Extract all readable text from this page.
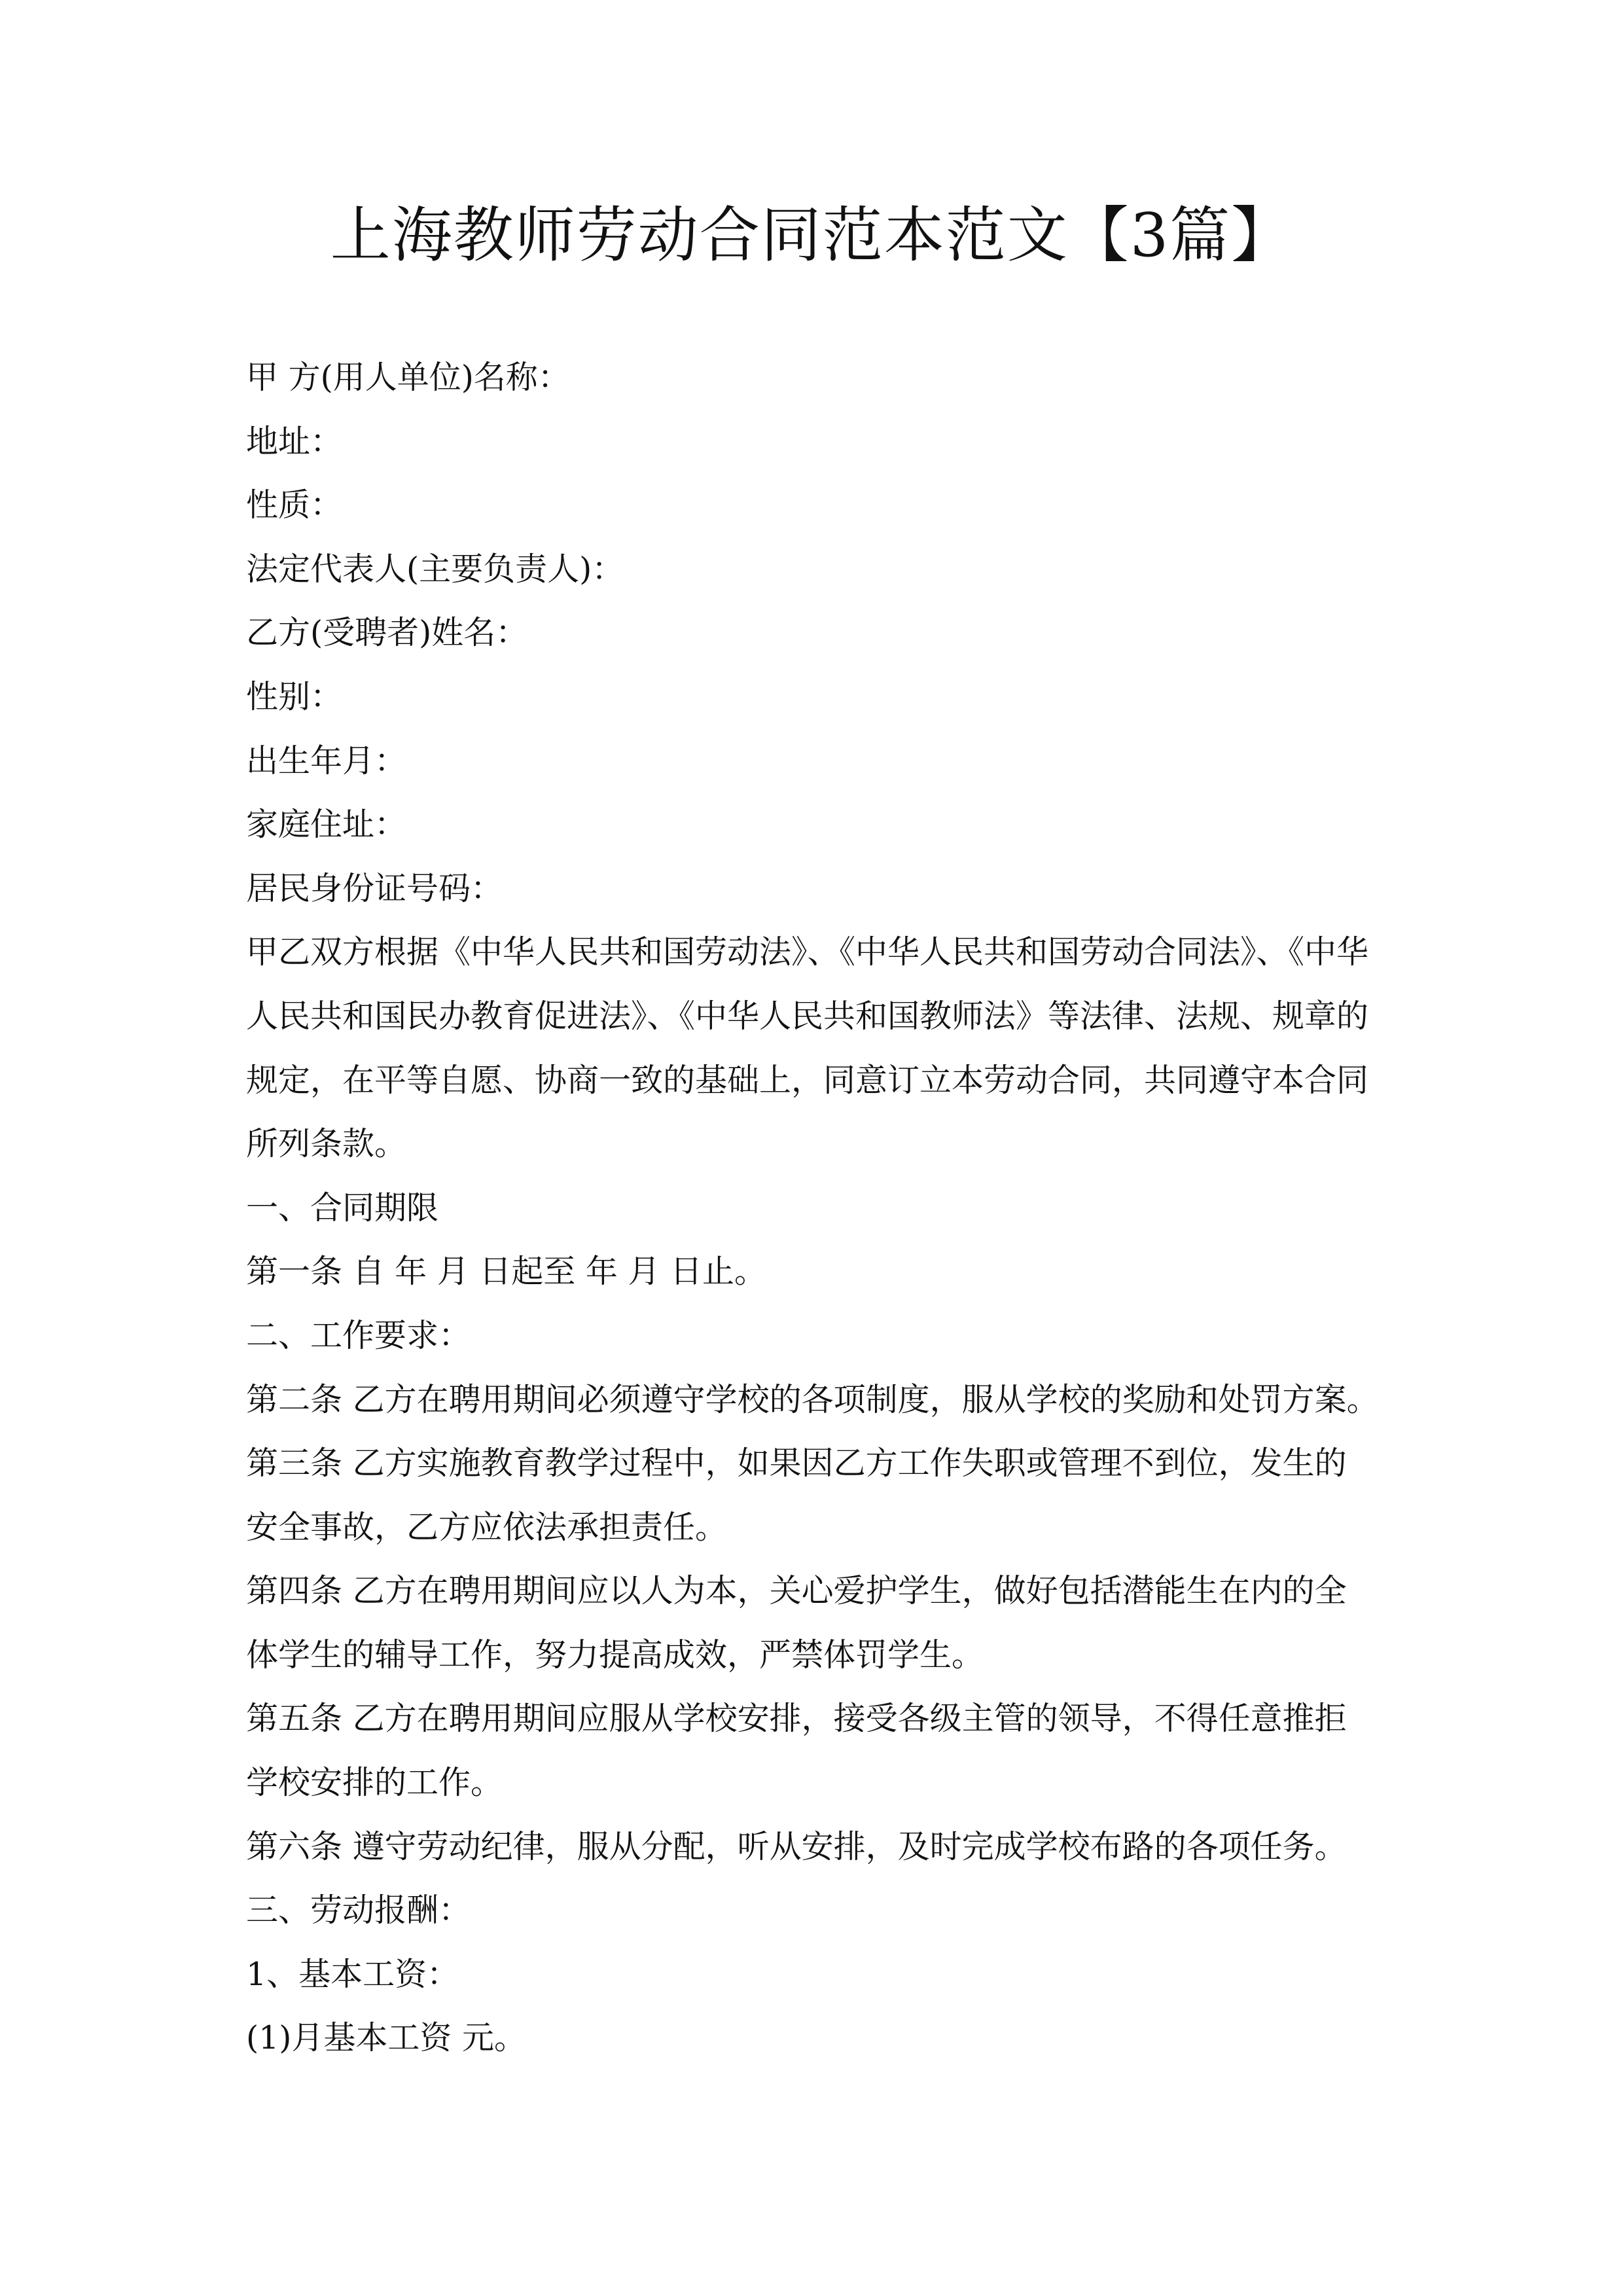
上海教师劳动合同范本范文【3篇】
甲 方(用人单位)名称：
地址：
性质：
法定代表人(主要负责人)：
乙方(受聘者)姓名：
性别：
出生年月：
家庭住址：
居民身份证号码：
甲乙双方根据《中华人民共和国劳动法》、《中华人民共和国劳动合同法》、《中华
人民共和国民办教育促进法》、《中华人民共和国教师法》等法律、法规、规章的
规定，在平等自愿、协商一致的基础上，同意订立本劳动合同，共同遵守本合同
所列条款。
一、合同期限
第一条 自 年 月 日起至 年 月 日止。
二、工作要求：
第二条 乙方在聘用期间必须遵守学校的各项制度，服从学校的奖励和处罚方案。
第三条 乙方实施教育教学过程中，如果因乙方工作失职或管理不到位，发生的
安全事故，乙方应依法承担责任。
第四条 乙方在聘用期间应以人为本，关心爱护学生，做好包括潜能生在内的全
体学生的辅导工作，努力提高成效，严禁体罚学生。
第五条 乙方在聘用期间应服从学校安排，接受各级主管的领导，不得任意推拒
学校安排的工作。
第六条 遵守劳动纪律，服从分配，听从安排，及时完成学校布路的各项任务。
三、劳动报酬：
1、基本工资：
(1)月基本工资 元。
